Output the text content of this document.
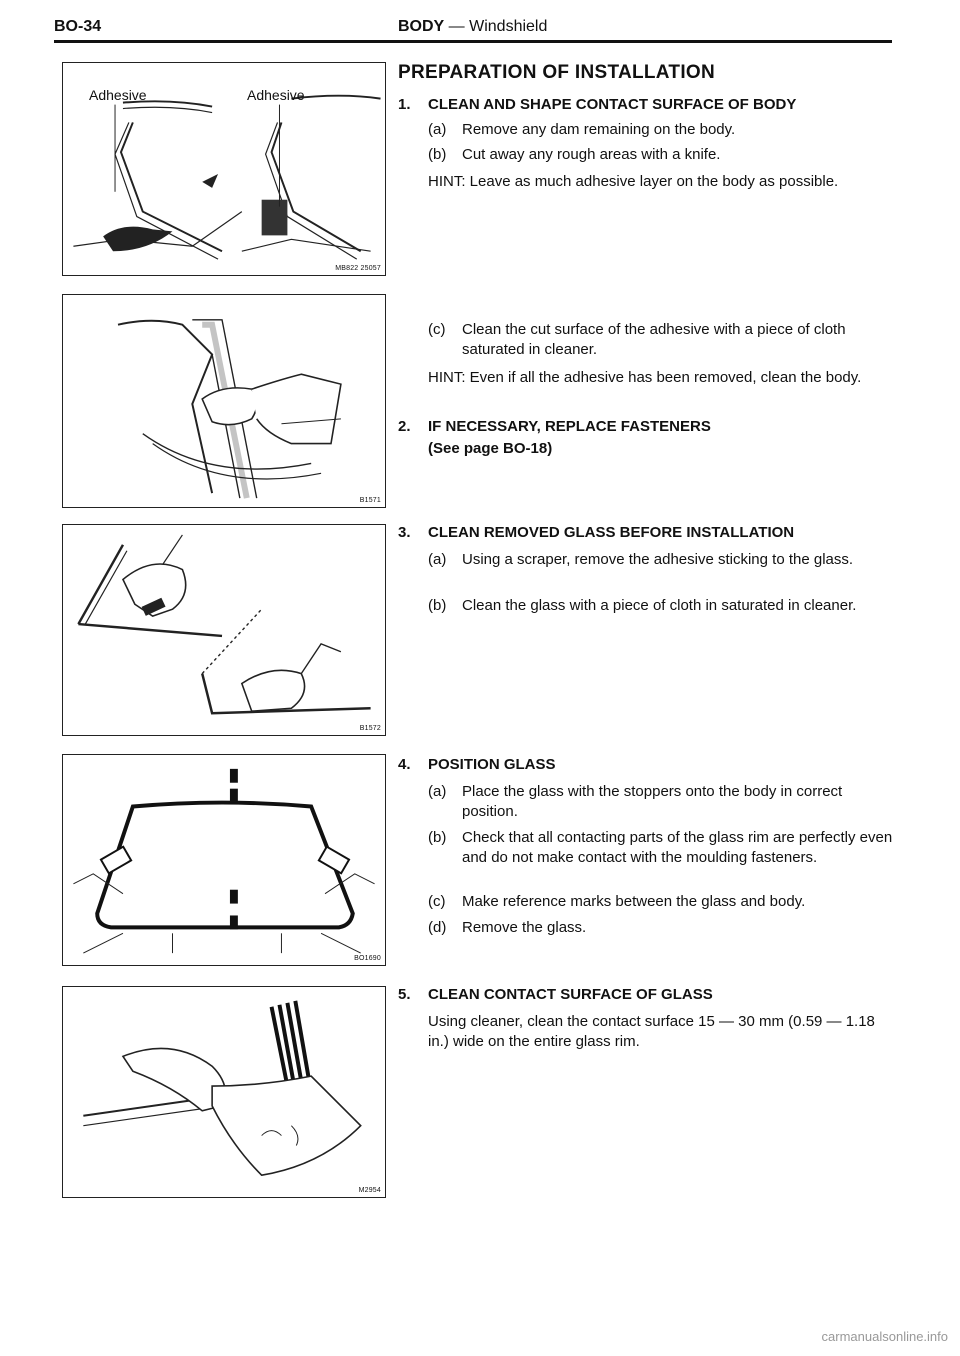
BO-34	BODY — Windshield
Adhesive	Adhesive
MB822 25057
B1571
B1572
BO1690
M2954
PREPARATION OF INSTALLATION
1. CLEAN AND SHAPE CONTACT SURFACE OF BODY
(a)	Remove any dam remaining on the body.
(b)	Cut away any rough areas with a knife.
HINT: Leave as much adhesive layer on the body as possible.
(c)	Clean the cut surface of the adhesive with a piece of cloth saturated in cleaner.
HINT: Even if all the adhesive has been removed, clean the body.
2. IF NECESSARY, REPLACE FASTENERS
(See page BO-18)
3. CLEAN REMOVED GLASS BEFORE INSTALLATION
(a)	Using a scraper, remove the adhesive sticking to the glass.
(b)	Clean the glass with a piece of cloth in saturated in cleaner.
4. POSITION GLASS
(a)	Place the glass with the stoppers onto the body in correct position.
(b)	Check that all contacting parts of the glass rim are perfectly even and do not make contact with the moulding fasteners.
(c)	Make reference marks between the glass and body.
(d)	Remove the glass.
5. CLEAN CONTACT SURFACE OF GLASS
Using cleaner, clean the contact surface 15 — 30 mm (0.59 — 1.18 in.) wide on the entire glass rim.
carmanualsonline.info
